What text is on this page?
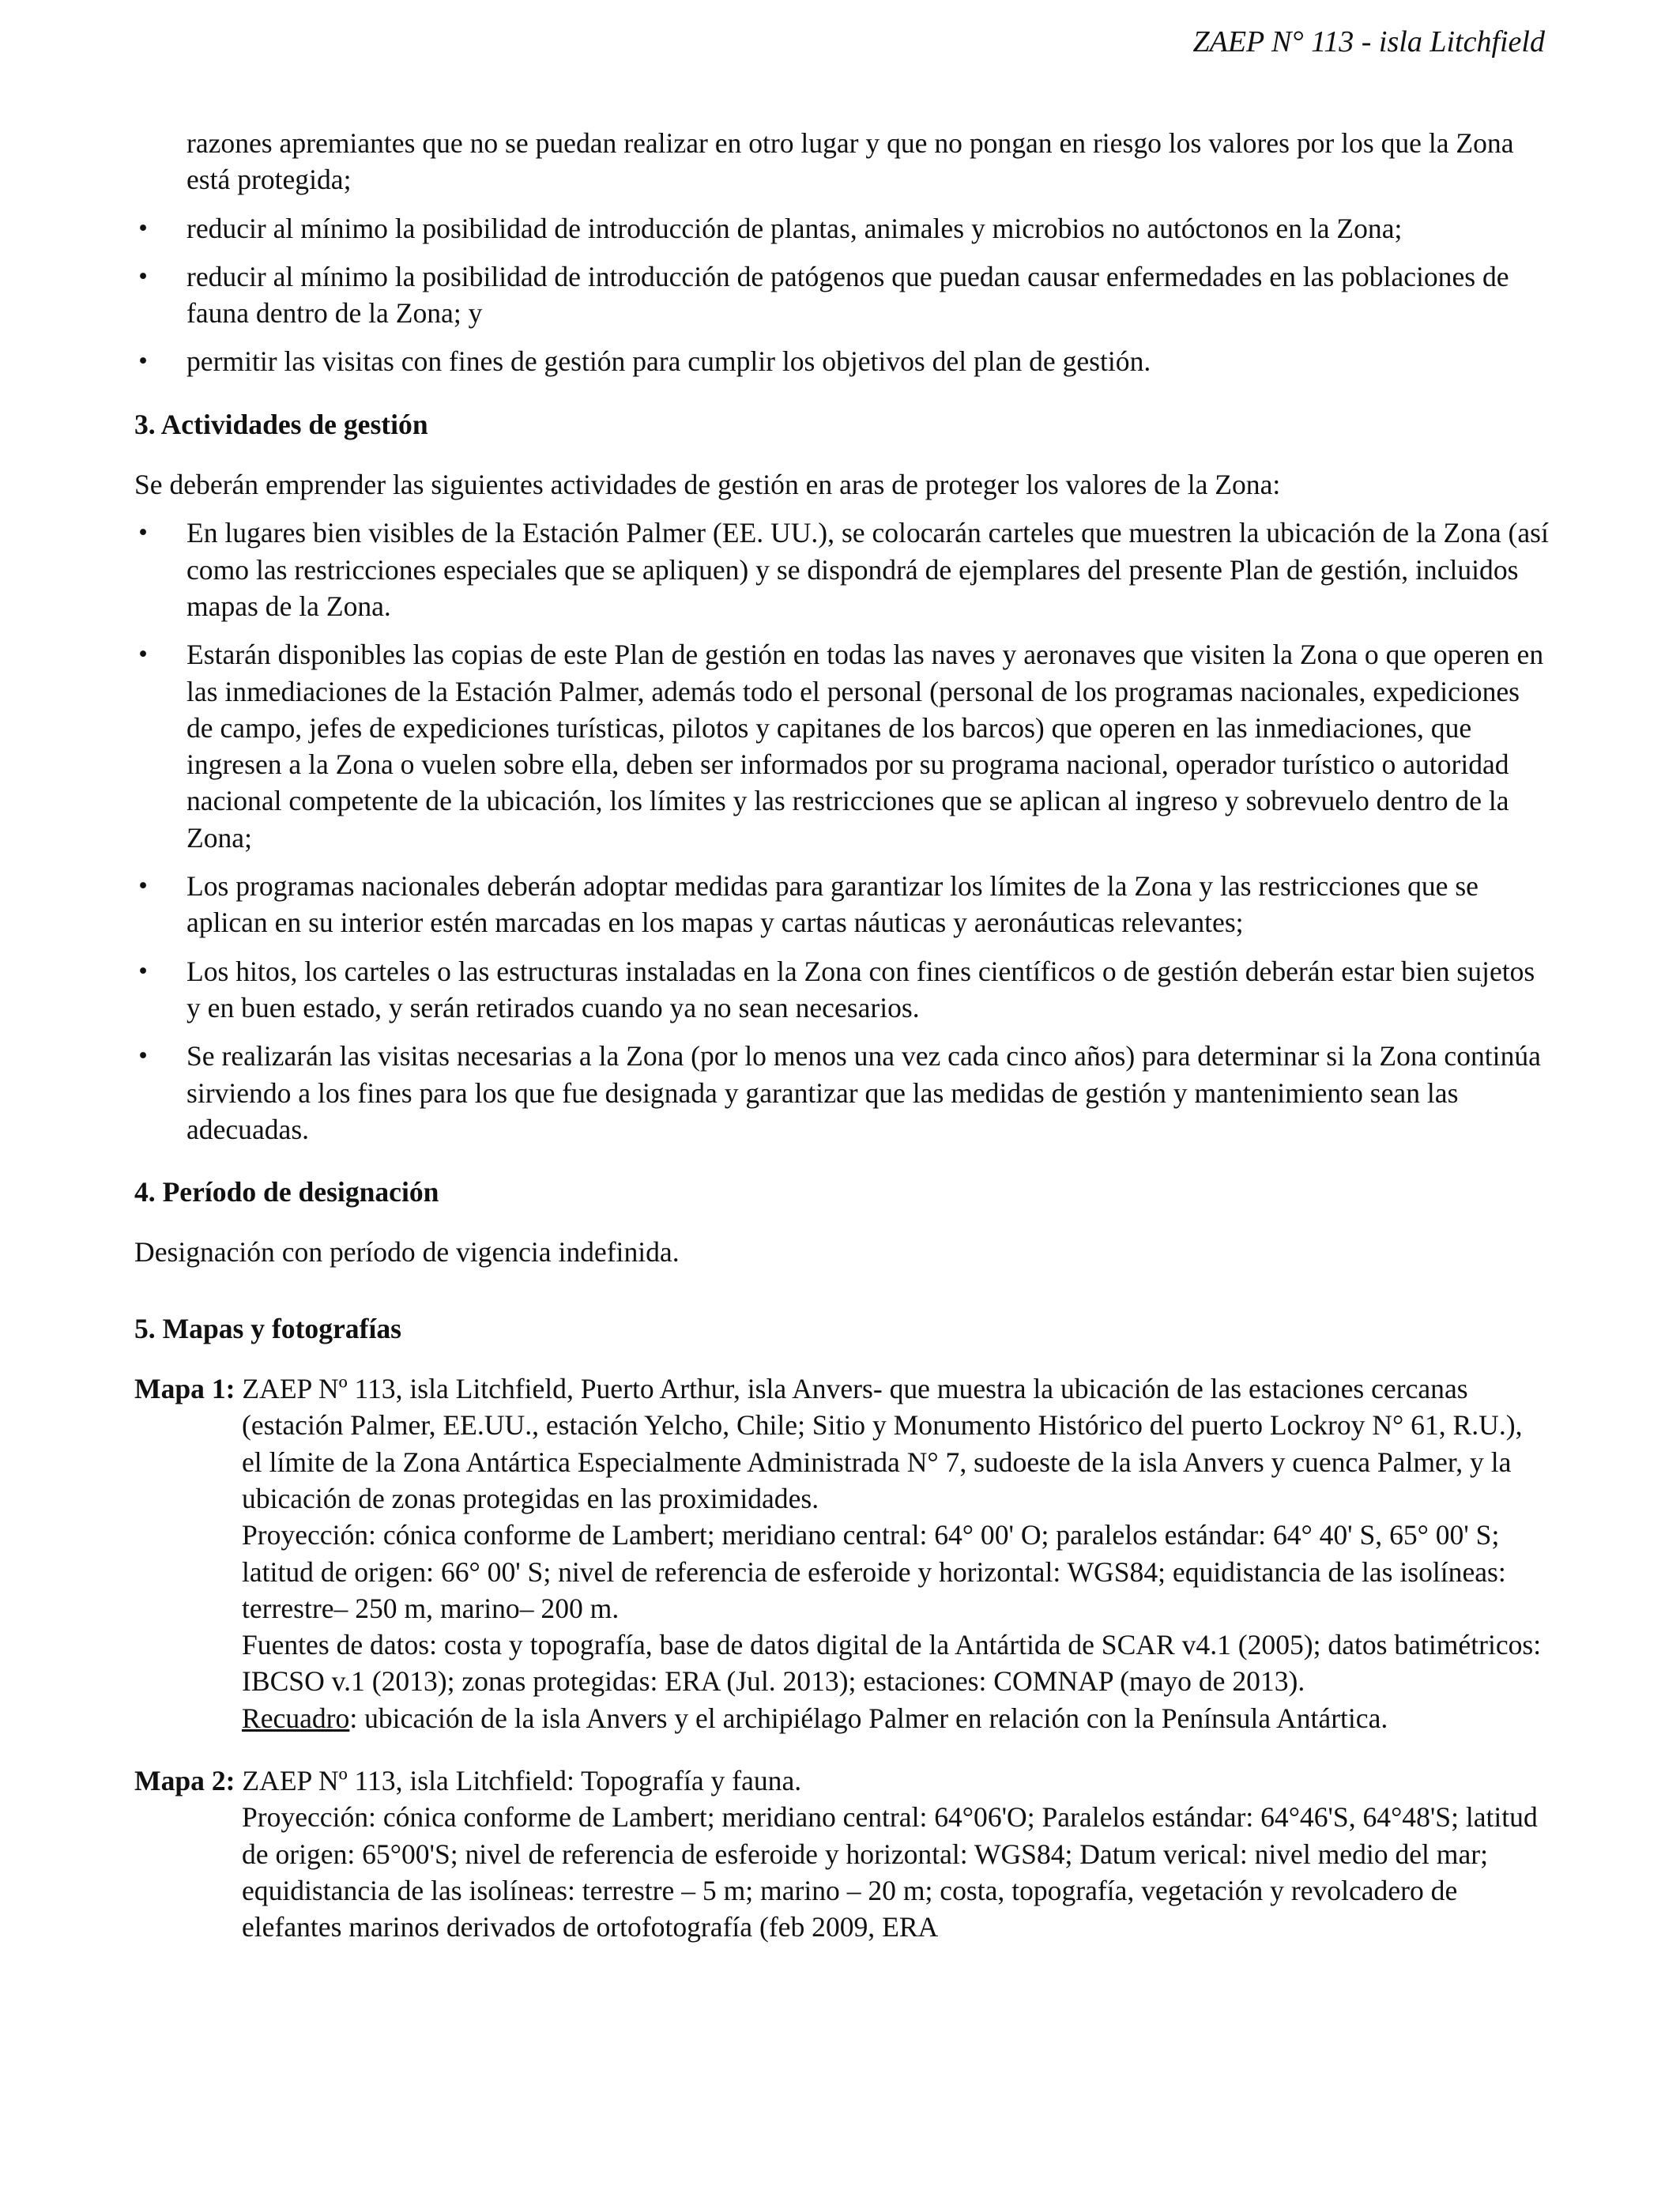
ZAEP N° 113 - isla Litchfield

razones apremiantes que no se puedan realizar en otro lugar y que no pongan en riesgo los valores por los que la Zona está protegida;

• reducir al mínimo la posibilidad de introducción de plantas, animales y microbios no autóctonos en la Zona;
• reducir al mínimo la posibilidad de introducción de patógenos que puedan causar enfermedades en las poblaciones de fauna dentro de la Zona; y
• permitir las visitas con fines de gestión para cumplir los objetivos del plan de gestión.
3. Actividades de gestión

Se deberán emprender las siguientes actividades de gestión en aras de proteger los valores de la Zona:

• En lugares bien visibles de la Estación Palmer (EE. UU.), se colocarán carteles que muestren la ubicación de la Zona (así como las restricciones especiales que se apliquen) y se dispondrá de ejemplares del presente Plan de gestión, incluidos mapas de la Zona.
• Estarán disponibles las copias de este Plan de gestión en todas las naves y aeronaves que visiten la Zona o que operen en las inmediaciones de la Estación Palmer, además todo el personal (personal de los programas nacionales, expediciones de campo, jefes de expediciones turísticas, pilotos y capitanes de los barcos) que operen en las inmediaciones, que ingresen a la Zona o vuelen sobre ella, deben ser informados por su programa nacional, operador turístico o autoridad nacional competente de la ubicación, los límites y las restricciones que se aplican al ingreso y sobrevuelo dentro de la Zona;
• Los programas nacionales deberán adoptar medidas para garantizar los límites de la Zona y las restricciones que se aplican en su interior estén marcadas en los mapas y cartas náuticas y aeronáuticas relevantes;
• Los hitos, los carteles o las estructuras instaladas en la Zona con fines científicos o de gestión deberán estar bien sujetos y en buen estado, y serán retirados cuando ya no sean necesarios.
• Se realizarán las visitas necesarias a la Zona (por lo menos una vez cada cinco años) para determinar si la Zona continúa sirviendo a los fines para los que fue designada y garantizar que las medidas de gestión y mantenimiento sean las adecuadas.
4. Período de designación

Designación con período de vigencia indefinida.

5. Mapas y fotografías

Mapa 1: ZAEP Nº 113, isla Litchfield, Puerto Arthur, isla Anvers- que muestra la ubicación de las estaciones cercanas (estación Palmer, EE.UU., estación Yelcho, Chile; Sitio y Monumento Histórico del puerto Lockroy N° 61, R.U.), el límite de la Zona Antártica Especialmente Administrada N° 7, sudoeste de la isla Anvers y cuenca Palmer, y la ubicación de zonas protegidas en las proximidades.

Proyección: cónica conforme de Lambert; meridiano central: 64° 00' O; paralelos estándar: 64° 40' S, 65° 00' S; latitud de origen: 66° 00' S; nivel de referencia de esferoide y horizontal: WGS84; equidistancia de las isolíneas: terrestre– 250 m, marino– 200 m.

Fuentes de datos: costa y topografía, base de datos digital de la Antártida de SCAR v4.1 (2005); datos batimétricos: IBCSO v.1 (2013); zonas protegidas: ERA (Jul. 2013); estaciones: COMNAP (mayo de 2013).

Recuadro: ubicación de la isla Anvers y el archipiélago Palmer en relación con la Península Antártica.

Mapa 2: ZAEP Nº 113, isla Litchfield: Topografía y fauna.

Proyección: cónica conforme de Lambert; meridiano central: 64°06'O; Paralelos estándar: 64°46'S, 64°48'S; latitud de origen: 65°00'S; nivel de referencia de esferoide y horizontal: WGS84; Datum verical: nivel medio del mar; equidistancia de las isolíneas: terrestre – 5 m; marino – 20 m; costa, topografía, vegetación y revolcadero de elefantes marinos derivados de ortofotografía (feb 2009, ERA
